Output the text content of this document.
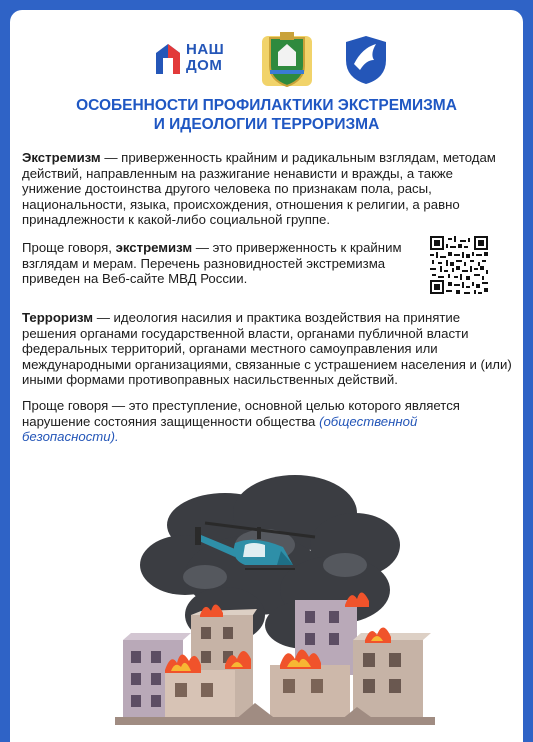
НАШ
ДОМ
ОСОБЕННОСТИ ПРОФИЛАКТИКИ ЭКСТРЕМИЗМА
И ИДЕОЛОГИИ ТЕРРОРИЗМА

Экстремизм — приверженность крайним и радикальным взглядам, методам действий, направленным на разжигание ненависти и вражды, а также унижение достоинства другого человека по признакам пола, расы, национальности, языка, происхождения, отношения к религии, а равно принадлежности к какой-либо социальной группе.

Проще говоря, экстремизм — это приверженность к крайним взглядам и мерам. Перечень разновидностей экстремизма приведен на Веб-сайте МВД России.

Терроризм — идеология насилия и практика воздействия на принятие решения органами государственной власти, органами публичной власти федеральных территорий, органами местного самоуправления или международными организациями, связанные с устрашением населения и (или) иными формами противоправных насильственных действий.

Проще говоря — это преступление, основной целью которого является нарушение состояния защищенности общества (общественной безопасности).
